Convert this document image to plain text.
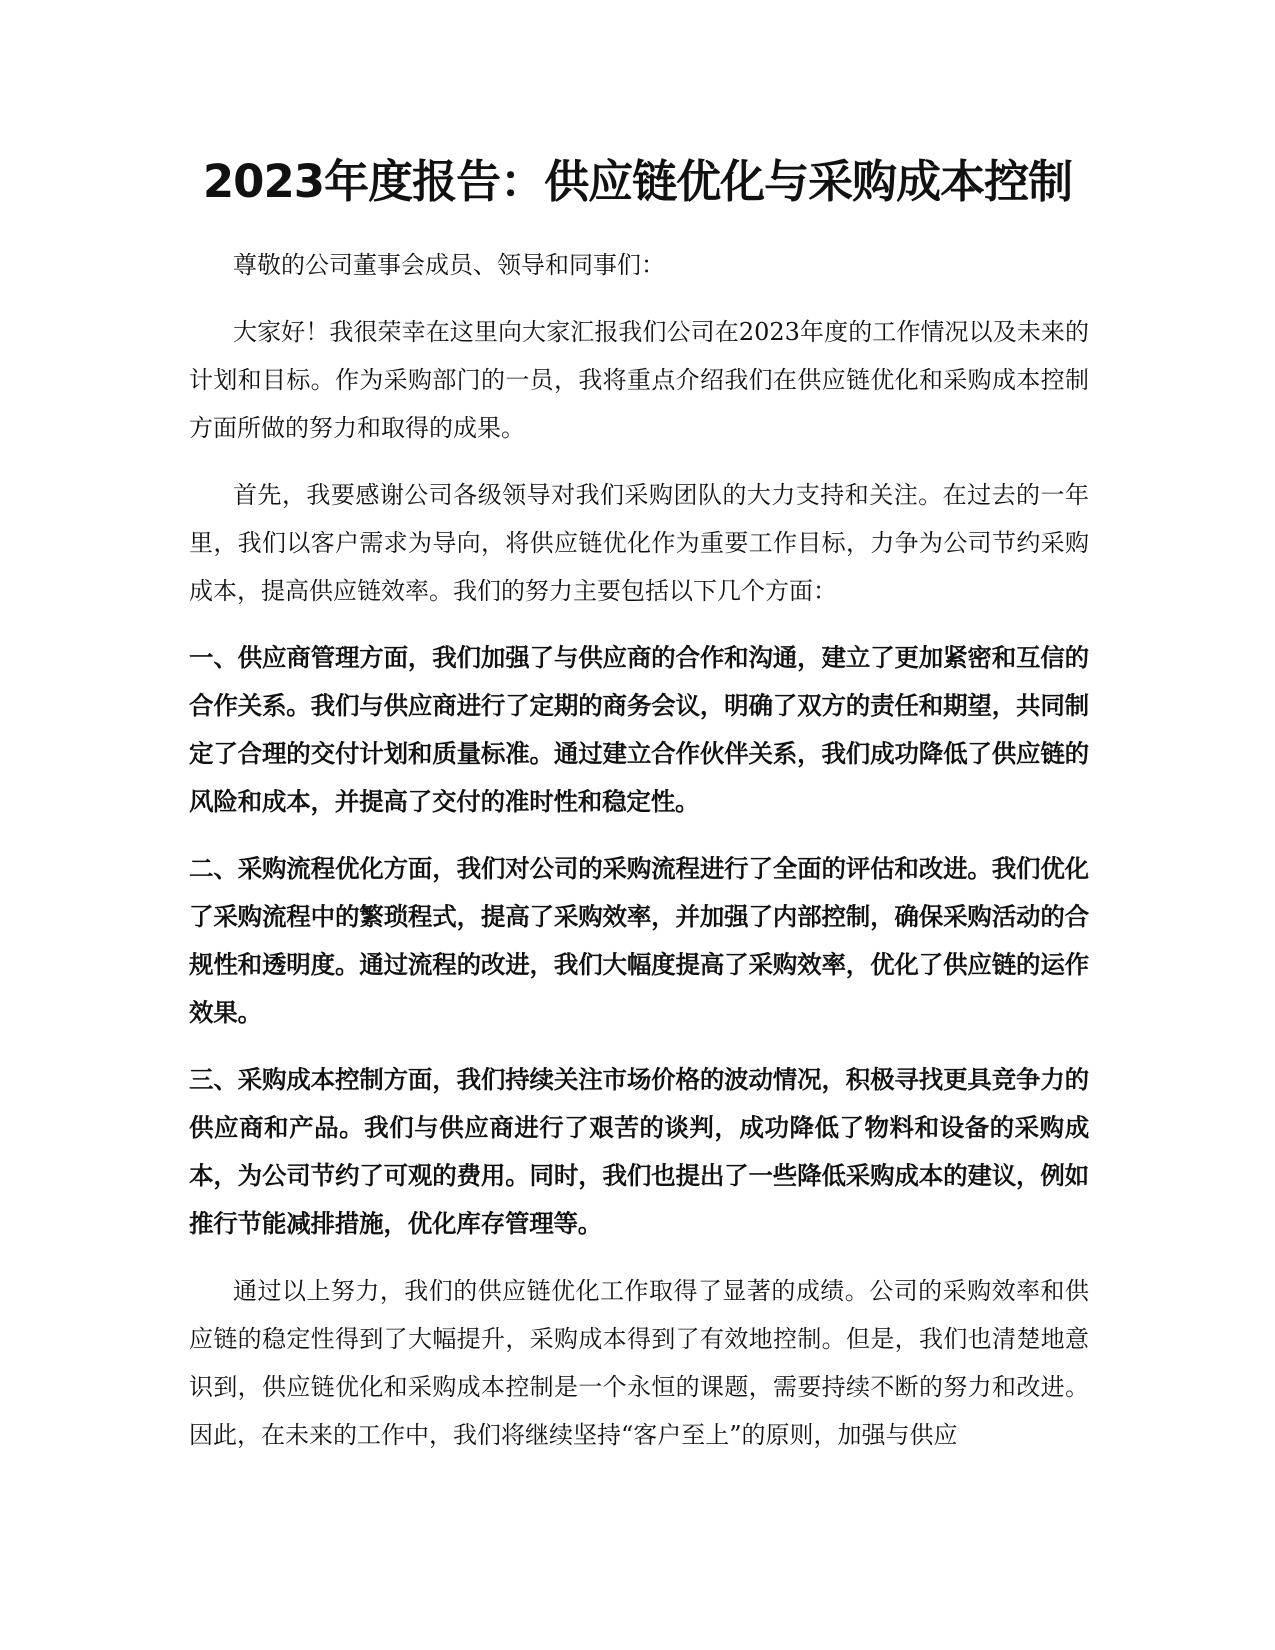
2023年度报告：供应链优化与采购成本控制

尊敬的公司董事会成员、领导和同事们：

大家好！我很荣幸在这里向大家汇报我们公司在2023年度的工作情况以及未来的计划和目标。作为采购部门的一员，我将重点介绍我们在供应链优化和采购成本控制方面所做的努力和取得的成果。

首先，我要感谢公司各级领导对我们采购团队的大力支持和关注。在过去的一年里，我们以客户需求为导向，将供应链优化作为重要工作目标，力争为公司节约采购成本，提高供应链效率。我们的努力主要包括以下几个方面：

一、供应商管理方面，我们加强了与供应商的合作和沟通，建立了更加紧密和互信的合作关系。我们与供应商进行了定期的商务会议，明确了双方的责任和期望，共同制定了合理的交付计划和质量标准。通过建立合作伙伴关系，我们成功降低了供应链的风险和成本，并提高了交付的准时性和稳定性。

二、采购流程优化方面，我们对公司的采购流程进行了全面的评估和改进。我们优化了采购流程中的繁琐程式，提高了采购效率，并加强了内部控制，确保采购活动的合规性和透明度。通过流程的改进，我们大幅度提高了采购效率，优化了供应链的运作效果。

三、采购成本控制方面，我们持续关注市场价格的波动情况，积极寻找更具竞争力的供应商和产品。我们与供应商进行了艰苦的谈判，成功降低了物料和设备的采购成本，为公司节约了可观的费用。同时，我们也提出了一些降低采购成本的建议，例如推行节能减排措施，优化库存管理等。

通过以上努力，我们的供应链优化工作取得了显著的成绩。公司的采购效率和供应链的稳定性得到了大幅提升，采购成本得到了有效地控制。但是，我们也清楚地意识到，供应链优化和采购成本控制是一个永恒的课题，需要持续不断的努力和改进。因此，在未来的工作中，我们将继续坚持“客户至上”的原则，加强与供应
